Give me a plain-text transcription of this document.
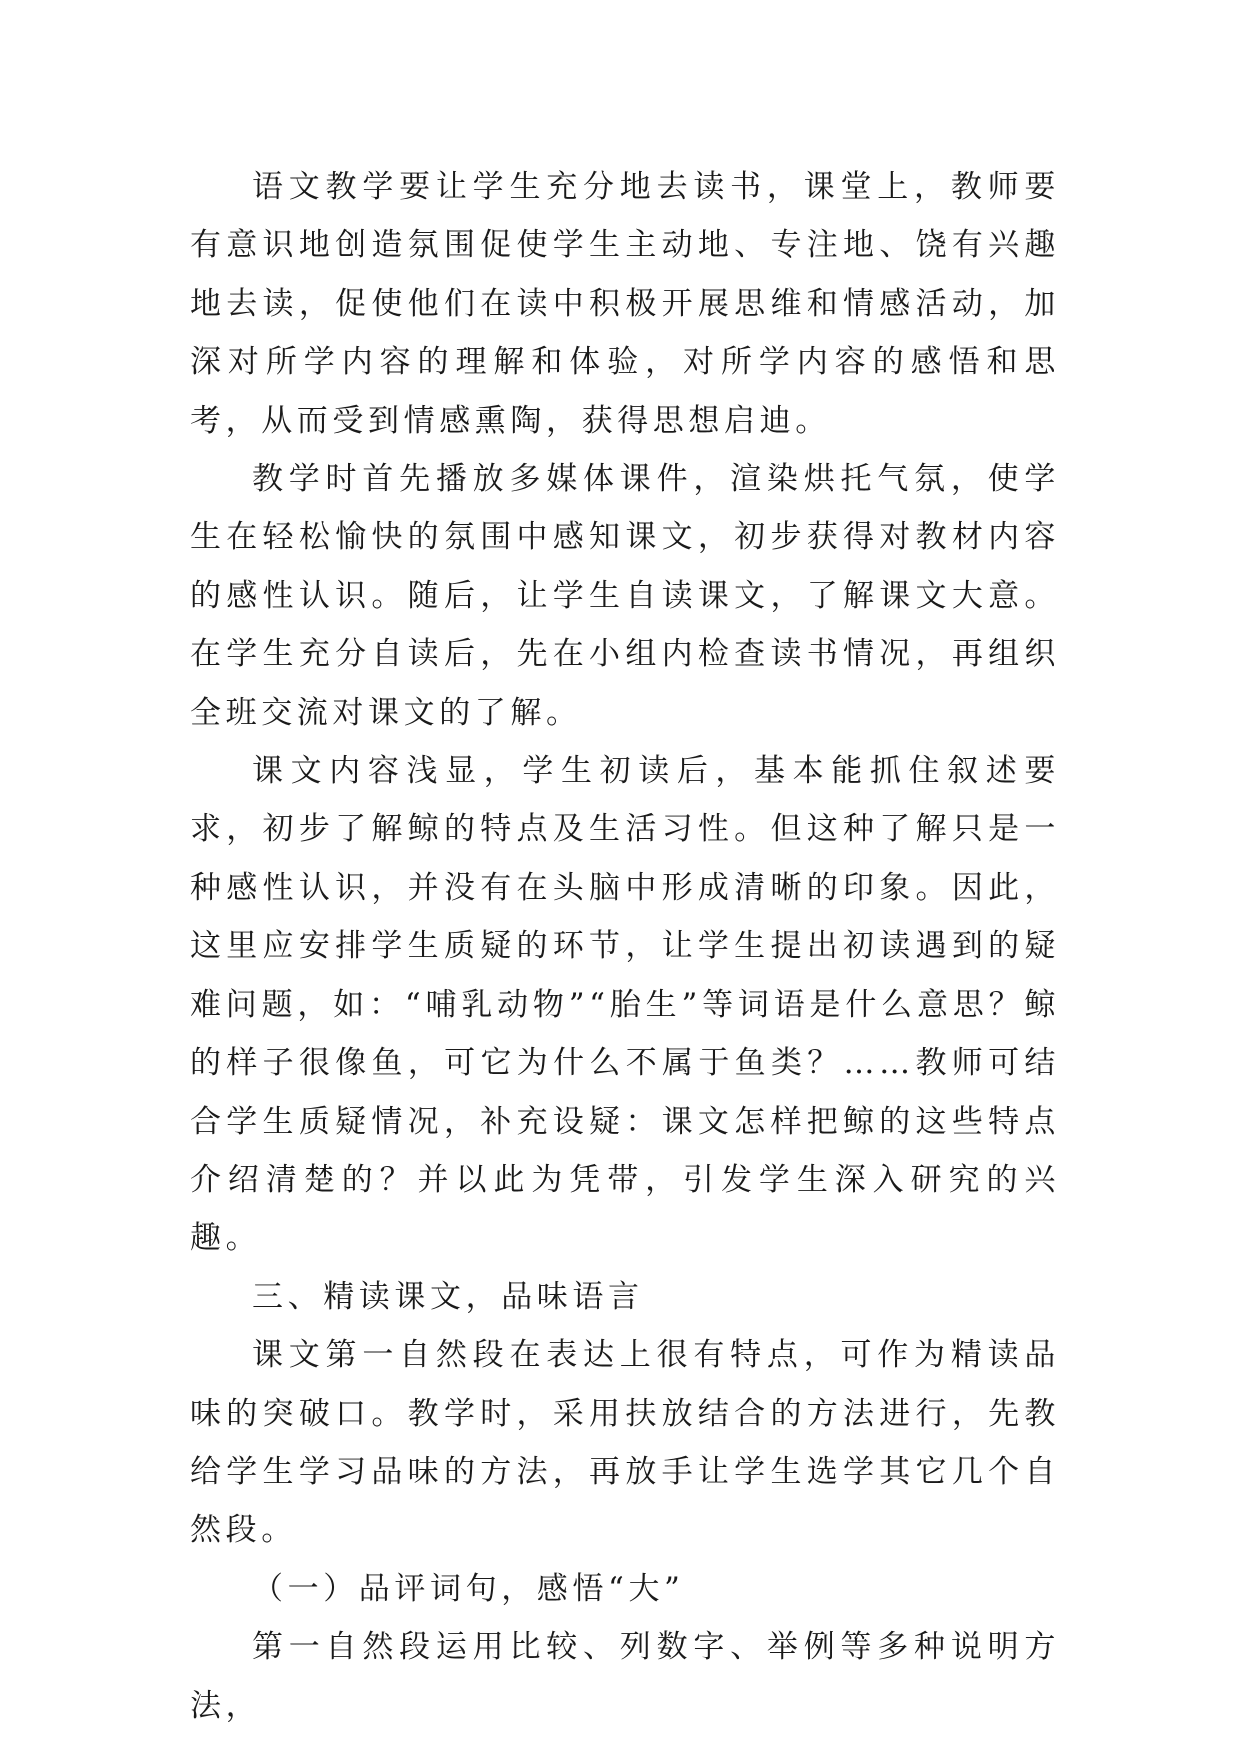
语文教学要让学生充分地去读书，课堂上，教师要有意识地创造氛围促使学生主动地、专注地、饶有兴趣地去读，促使他们在读中积极开展思维和情感活动，加深对所学内容的理解和体验，对所学内容的感悟和思考，从而受到情感熏陶，获得思想启迪。

教学时首先播放多媒体课件，渲染烘托气氛，使学生在轻松愉快的氛围中感知课文，初步获得对教材内容的感性认识。随后，让学生自读课文，了解课文大意。在学生充分自读后，先在小组内检查读书情况，再组织全班交流对课文的了解。

课文内容浅显，学生初读后，基本能抓住叙述要求，初步了解鲸的特点及生活习性。但这种了解只是一种感性认识，并没有在头脑中形成清晰的印象。因此，这里应安排学生质疑的环节，让学生提出初读遇到的疑难问题，如：“哺乳动物”“胎生”等词语是什么意思？鲸的样子很像鱼，可它为什么不属于鱼类？……教师可结合学生质疑情况，补充设疑：课文怎样把鲸的这些特点介绍清楚的？并以此为凭带，引发学生深入研究的兴趣。

三、精读课文，品味语言

课文第一自然段在表达上很有特点，可作为精读品味的突破口。教学时，采用扶放结合的方法进行，先教给学生学习品味的方法，再放手让学生选学其它几个自然段。

（一）品评词句，感悟“大”

第一自然段运用比较、列数字、举例等多种说明方法，
